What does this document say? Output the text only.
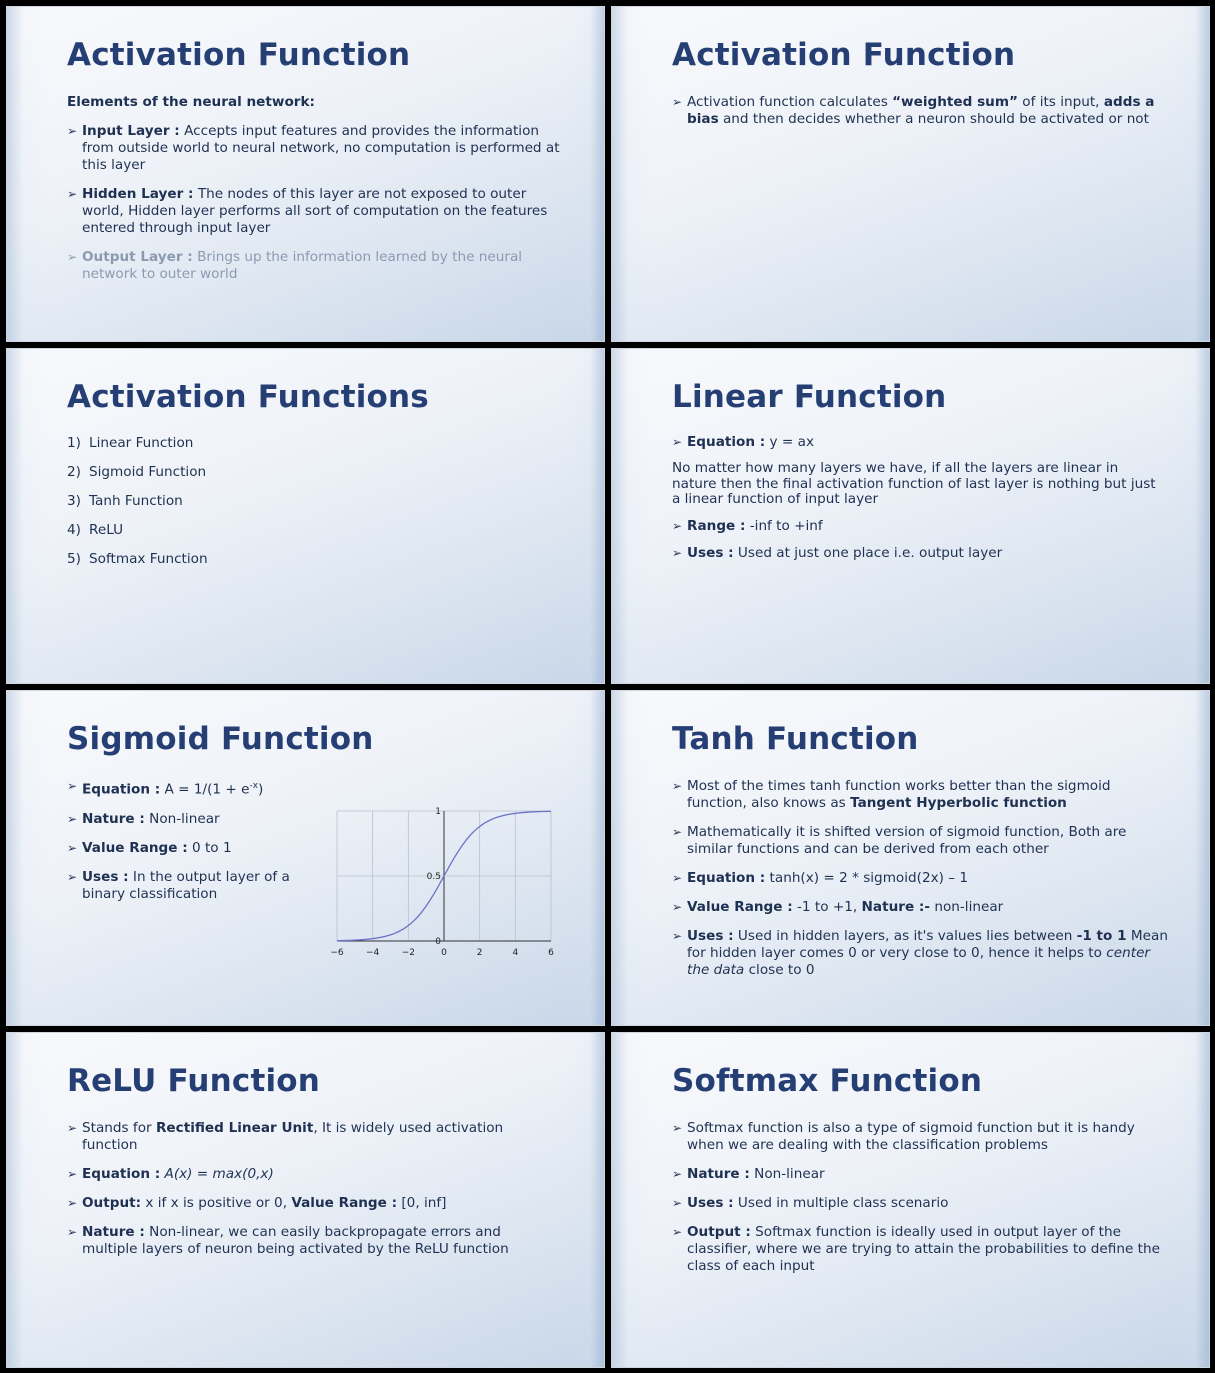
Activation Function

Elements of the neural network:

➢ Input Layer : Accepts input features and provides the information from outside world to neural network, no computation is performed at this layer
➢ Hidden Layer : The nodes of this layer are not exposed to outer world, Hidden layer performs all sort of computation on the features entered through input layer
➢ Output Layer : Brings up the information learned by the neural network to outer world
Activation Function
➢ Activation function calculates “weighted sum” of its input, adds a bias and then decides whether a neuron should be activated or not
Activation Functions
1) Linear Function
2) Sigmoid Function
3) Tanh Function
4) ReLU
5) Softmax Function
Linear Function
➢ Equation : y = ax

No matter how many layers we have, if all the layers are linear in nature then the final activation function of last layer is nothing but just a linear function of input layer

➢ Range : -inf to +inf
➢ Uses : Used at just one place i.e. output layer
Sigmoid Function
➢ Equation : $A = 1/(1 + e^{-x})$
➢ Nature : Non-linear
➢ Value Range : 0 to 1
➢ Uses : In the output layer of a binary classification
−6 −4 −2	0	2	4	6
0
0.5
1
Tanh Function
➢ Most of the times tanh function works better than the sigmoid function, also knows as Tangent Hyperbolic function
➢ Mathematically it is shifted version of sigmoid function, Both are similar functions and can be derived from each other
➢ Equation : tanh(x) = 2 * sigmoid(2x) – 1
➢ Value Range : -1 to +1, Nature :- non-linear
➢ Uses : Used in hidden layers, as it's values lies between -1 to 1 Mean for hidden layer comes 0 or very close to 0, hence it helps to center the data close to 0
ReLU Function
➢ Stands for Rectified Linear Unit, It is widely used activation function
➢ Equation : A(x) = max(0,x)
➢ Output: x if x is positive or 0, Value Range : [0, inf]
➢ Nature : Non-linear, we can easily backpropagate errors and multiple layers of neuron being activated by the ReLU function
Softmax Function
➢ Softmax function is also a type of sigmoid function but it is handy when we are dealing with the classification problems
➢ Nature : Non-linear
➢ Uses : Used in multiple class scenario
➢ Output : Softmax function is ideally used in output layer of the classifier, where we are trying to attain the probabilities to define the class of each input
